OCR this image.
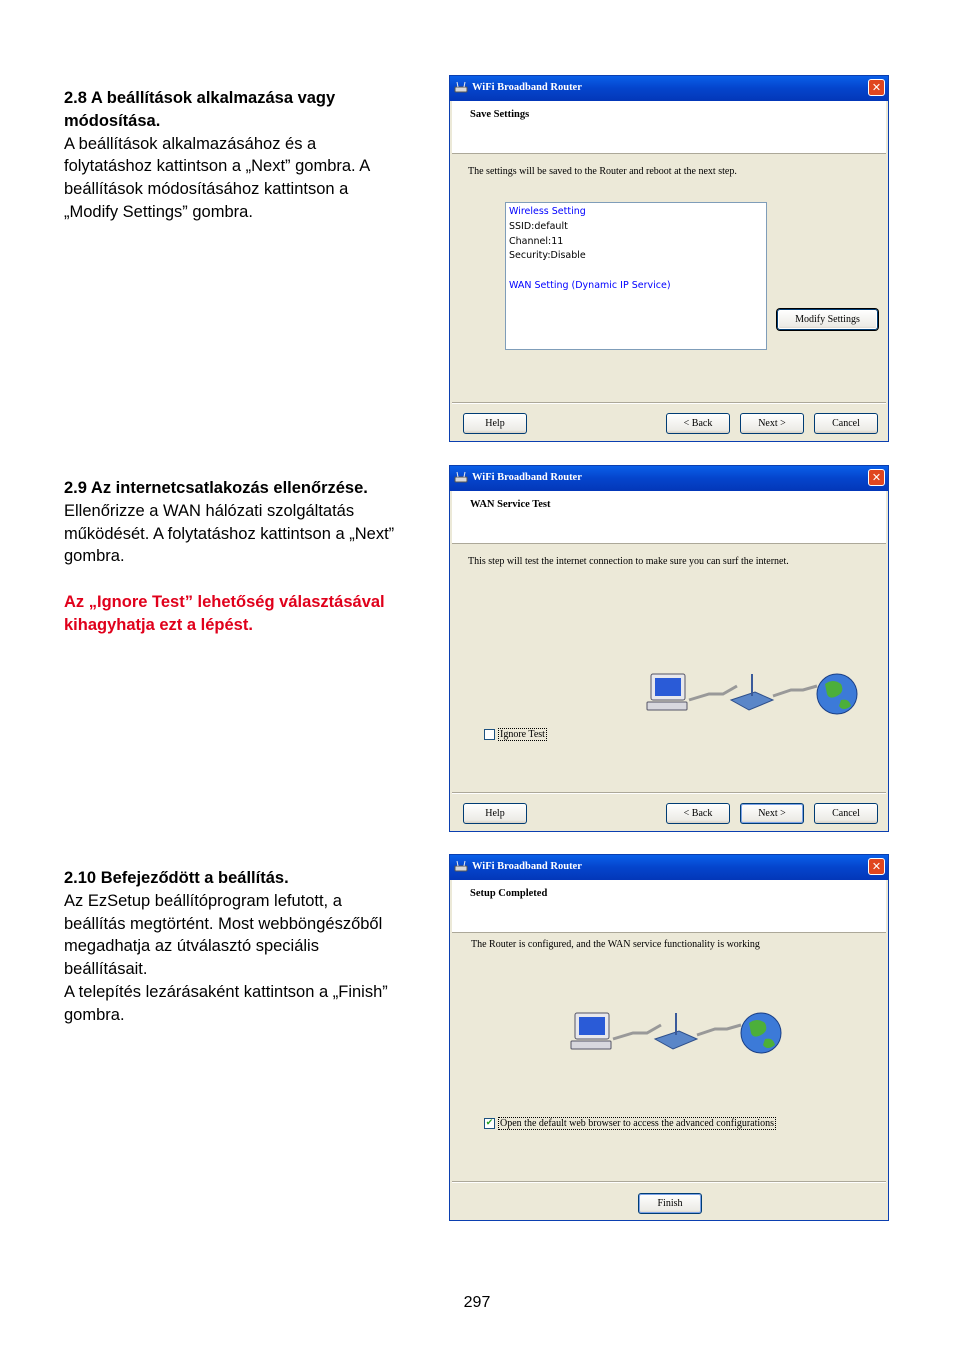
2.8 A beállítások alkalmazása vagy módosítása.

A beállítások alkalmazásához és a

folytatáshoz kattintson a „Next” gombra. A

beállítások módosításához kattintson a

„Modify Settings” gombra.

2.9 Az internetcsatlakozás ellenőrzése.

Ellenőrizze a WAN hálózati szolgáltatás

működését. A folytatáshoz kattintson a „Next”

gombra.

Az „Ignore Test” lehetőség választásával

kihagyhatja ezt a lépést.

2.10 Befejeződött a beállítás.

Az EzSetup beállítóprogram lefutott, a

beállítás megtörtént. Most webböngészőből

megadhatja az útválasztó speciális

beállításait.

A telepítés lezárásaként kattintson a „Finish”

gombra.

WiFi Broadband Router	✕
Save Settings
The settings will be saved to the Router and reboot at the next step.
Wireless Setting
SSID:default
Channel:11
Security:Disable
WAN Setting (Dynamic IP Service)
Modify Settings
Help	< Back	Next >	Cancel
WiFi Broadband Router	✕
WAN Service Test
This step will test the internet connection to make sure you can surf the internet.
Ignore Test
Help	< Back	Next >	Cancel
WiFi Broadband Router	✕
Setup Completed
The Router is configured, and the WAN service functionality is working
✔ Open the default web browser to access the advanced configurations
Finish
297
